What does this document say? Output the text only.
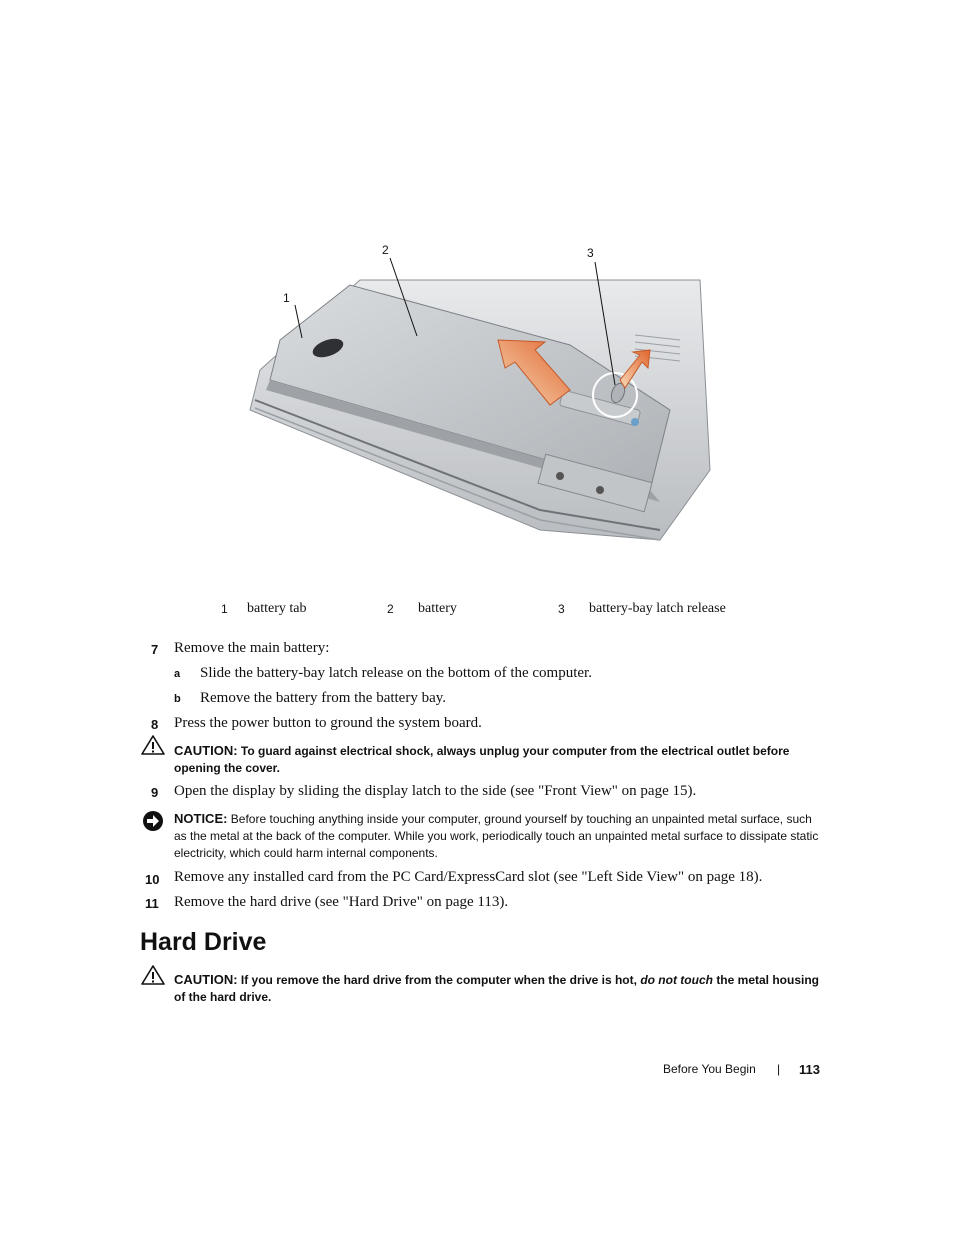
1
2	3
1 battery tab	2 battery	3 battery-bay latch release
7 Remove the main battery:
a Slide the battery-bay latch release on the bottom of the computer.
b Remove the battery from the battery bay.
8 Press the power button to ground the system board.
CAUTION: To guard against electrical shock, always unplug your computer from the electrical outlet before opening the cover.
9 Open the display by sliding the display latch to the side (see "Front View" on page 15).
NOTICE: Before touching anything inside your computer, ground yourself by touching an unpainted metal surface, such as the metal at the back of the computer. While you work, periodically touch an unpainted metal surface to dissipate static electricity, which could harm internal components.
10 Remove any installed card from the PC Card/ExpressCard slot (see "Left Side View" on page 18).
11 Remove the hard drive (see "Hard Drive" on page 113).
Hard Drive
CAUTION: If you remove the hard drive from the computer when the drive is hot, do not touch the metal housing of the hard drive.
Before You Begin | 113
